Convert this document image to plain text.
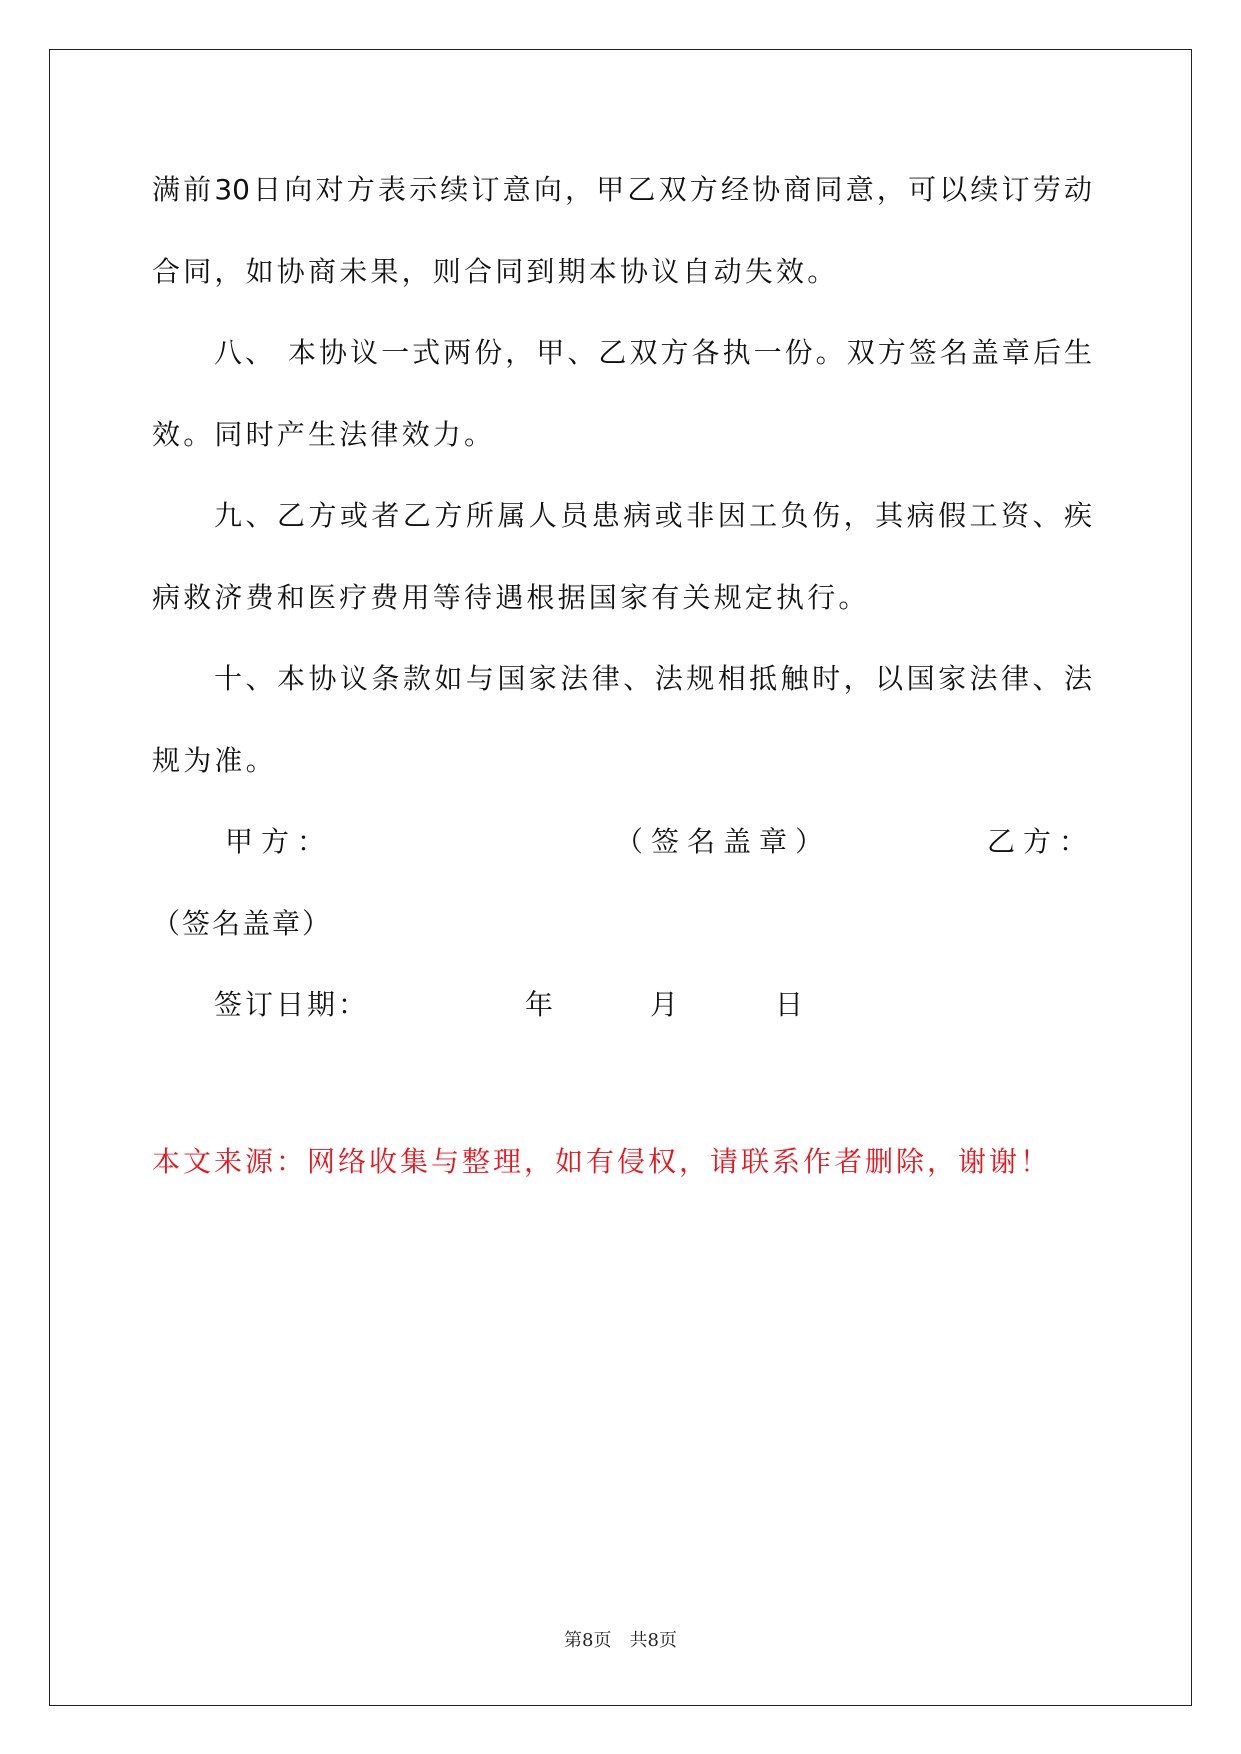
满前30日向对方表示续订意向，甲乙双方经协商同意，可以续订劳动
合同，如协商未果，则合同到期本协议自动失效。
八、 本协议一式两份，甲、乙双方各执一份。双方签名盖章后生
效。同时产生法律效力。
九、乙方或者乙方所属人员患病或非因工负伤，其病假工资、疾
病救济费和医疗费用等待遇根据国家有关规定执行。
十、本协议条款如与国家法律、法规相抵触时，以国家法律、法
规为准。
甲方：	（签名盖章）	乙方：
（签名盖章）
签订日期：	年	月	日
本文来源：网络收集与整理，如有侵权，请联系作者删除，谢谢！
第8页 共8页
